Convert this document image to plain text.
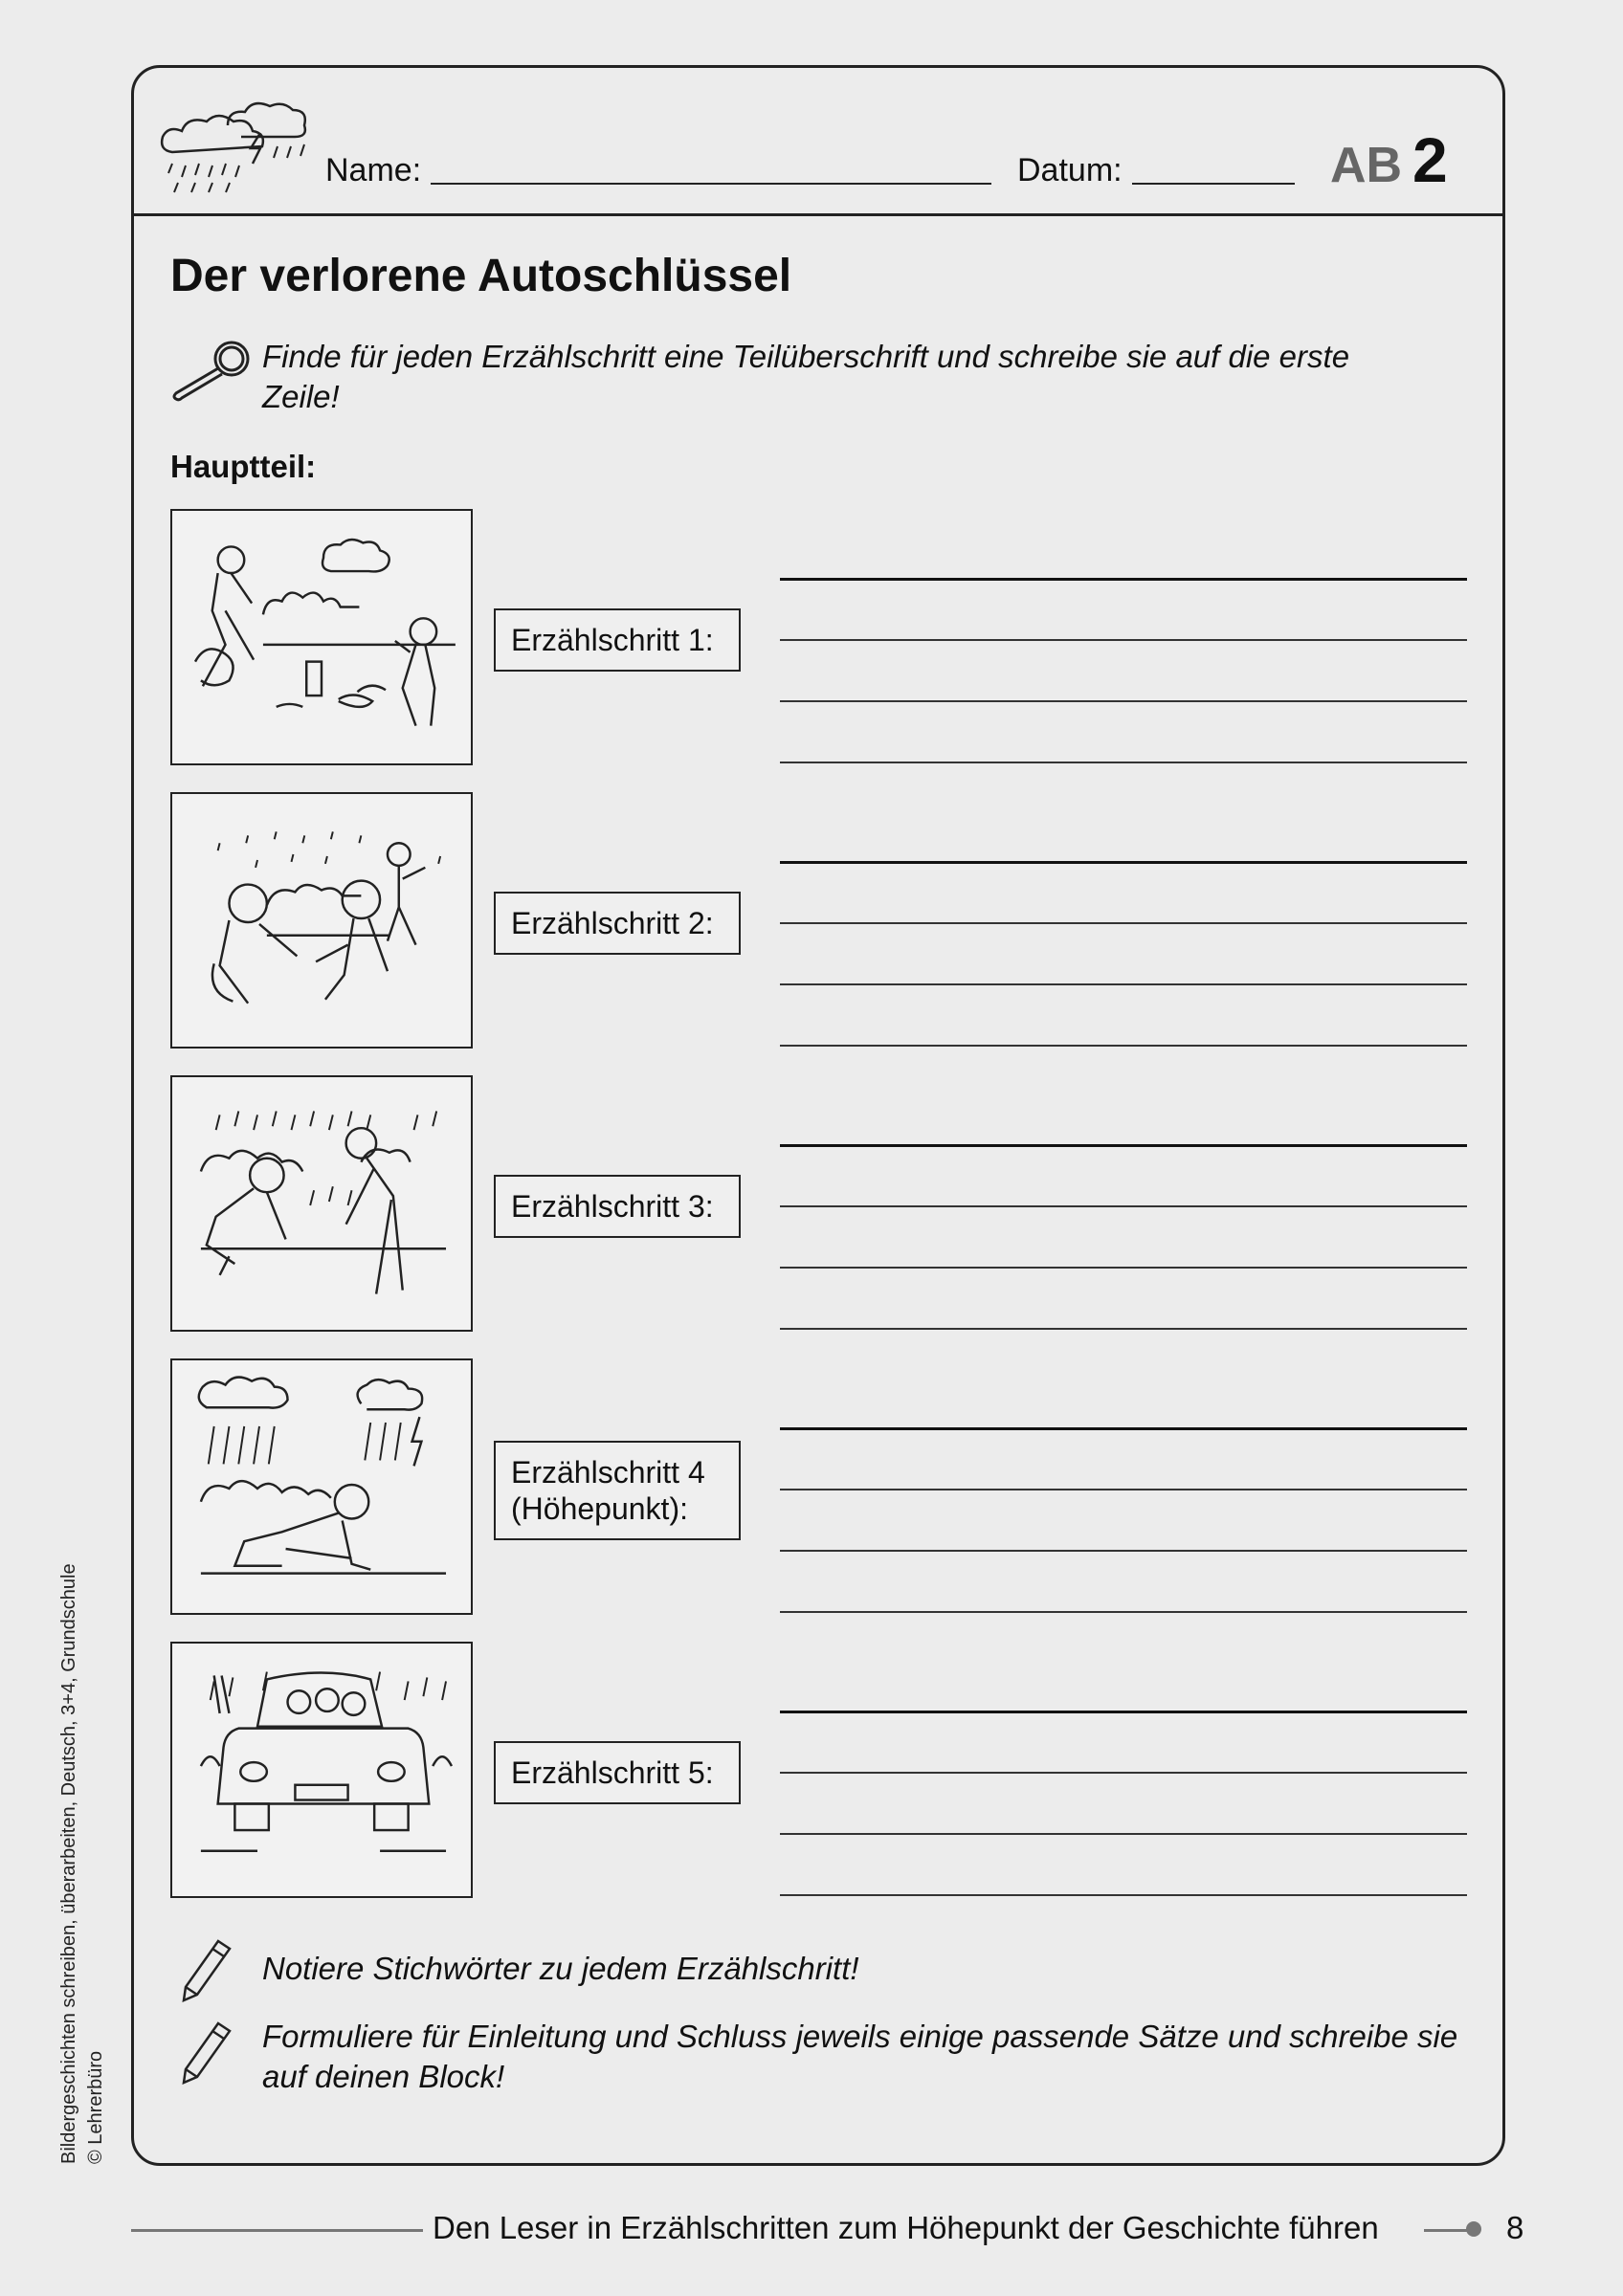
Name:	Datum:	AB 2
Der verlorene Autoschlüssel
Finde für jeden Erzählschritt eine Teilüberschrift und schreibe sie auf die erste Zeile!
Hauptteil:
Erzählschritt 1:
Erzählschritt 2:
Erzählschritt 3:
Erzählschritt 4 (Höhepunkt):
Erzählschritt 5:
Notiere Stichwörter zu jedem Erzählschritt!
Formuliere für Einleitung und Schluss jeweils einige passende Sätze und schreibe sie auf deinen Block!
Bildergeschichten schreiben, überarbeiten, Deutsch, 3+4, Grundschule © Lehrerbüro
Den Leser in Erzählschritten zum Höhepunkt der Geschichte führen	8
